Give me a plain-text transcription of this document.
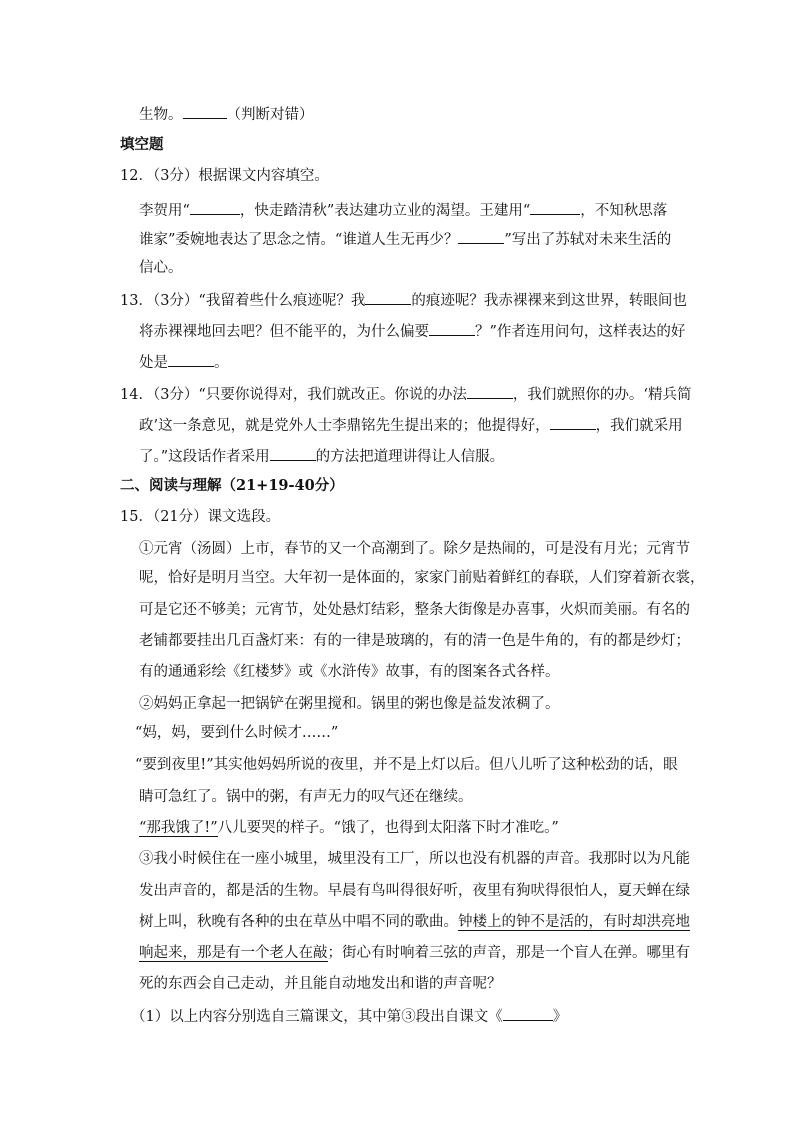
生物。	（判断对错）
填空题
12．（3分）根据课文内容填空。
李贺用“	，快走踏清秋”表达建功立业的渴望。王建用“	，不知秋思落
谁家”委婉地表达了思念之情。“谁道人生无再少？	”写出了苏轼对未来生活的
信心。
13．（3分）“我留着些什么痕迹呢？我	的痕迹呢？我赤裸裸来到这世界，转眼间也
将赤裸裸地回去吧？但不能平的，为什么偏要	？”作者连用问句，这样表达的好
处是	。
14．（3分）“只要你说得对，我们就改正。你说的办法	，我们就照你的办。‘精兵简
政’这一条意见，就是党外人士李鼎铭先生提出来的；他提得好，	，我们就采用
了。”这段话作者采用	的方法把道理讲得让人信服。
二、阅读与理解（21+19-40分）
15．（21分）课文选段。
①元宵（汤圆）上市，春节的又一个高潮到了。除夕是热闹的，可是没有月光；元宵节
呢，恰好是明月当空。大年初一是体面的，家家门前贴着鲜红的春联，人们穿着新衣裳，
可是它还不够美；元宵节，处处悬灯结彩，整条大街像是办喜事，火炽而美丽。有名的
老铺都要挂出几百盏灯来：有的一律是玻璃的，有的清一色是牛角的，有的都是纱灯；
有的通通彩绘《红楼梦》或《水浒传》故事，有的图案各式各样。
②妈妈正拿起一把锅铲在粥里搅和。锅里的粥也像是益发浓稠了。
“妈，妈，要到什么时候才……”
“要到夜里!”其实他妈妈所说的夜里，并不是上灯以后。但八儿听了这种松劲的话，眼
睛可急红了。锅中的粥，有声无力的叹气还在继续。
“那我饿了!”八儿要哭的样子。“饿了，也得到太阳落下时才准吃。”
③我小时候住在一座小城里，城里没有工厂，所以也没有机器的声音。我那时以为凡能
发出声音的，都是活的生物。早晨有鸟叫得很好听，夜里有狗吠得很怕人，夏天蝉在绿
树上叫，秋晚有各种的虫在草丛中唱不同的歌曲。钟楼上的钟不是活的，有时却洪亮地
响起来，那是有一个老人在敲；街心有时响着三弦的声音，那是一个盲人在弹。哪里有
死的东西会自己走动，并且能自动地发出和谐的声音呢？
（1）以上内容分别选自三篇课文，其中第③段出自课文《	》
